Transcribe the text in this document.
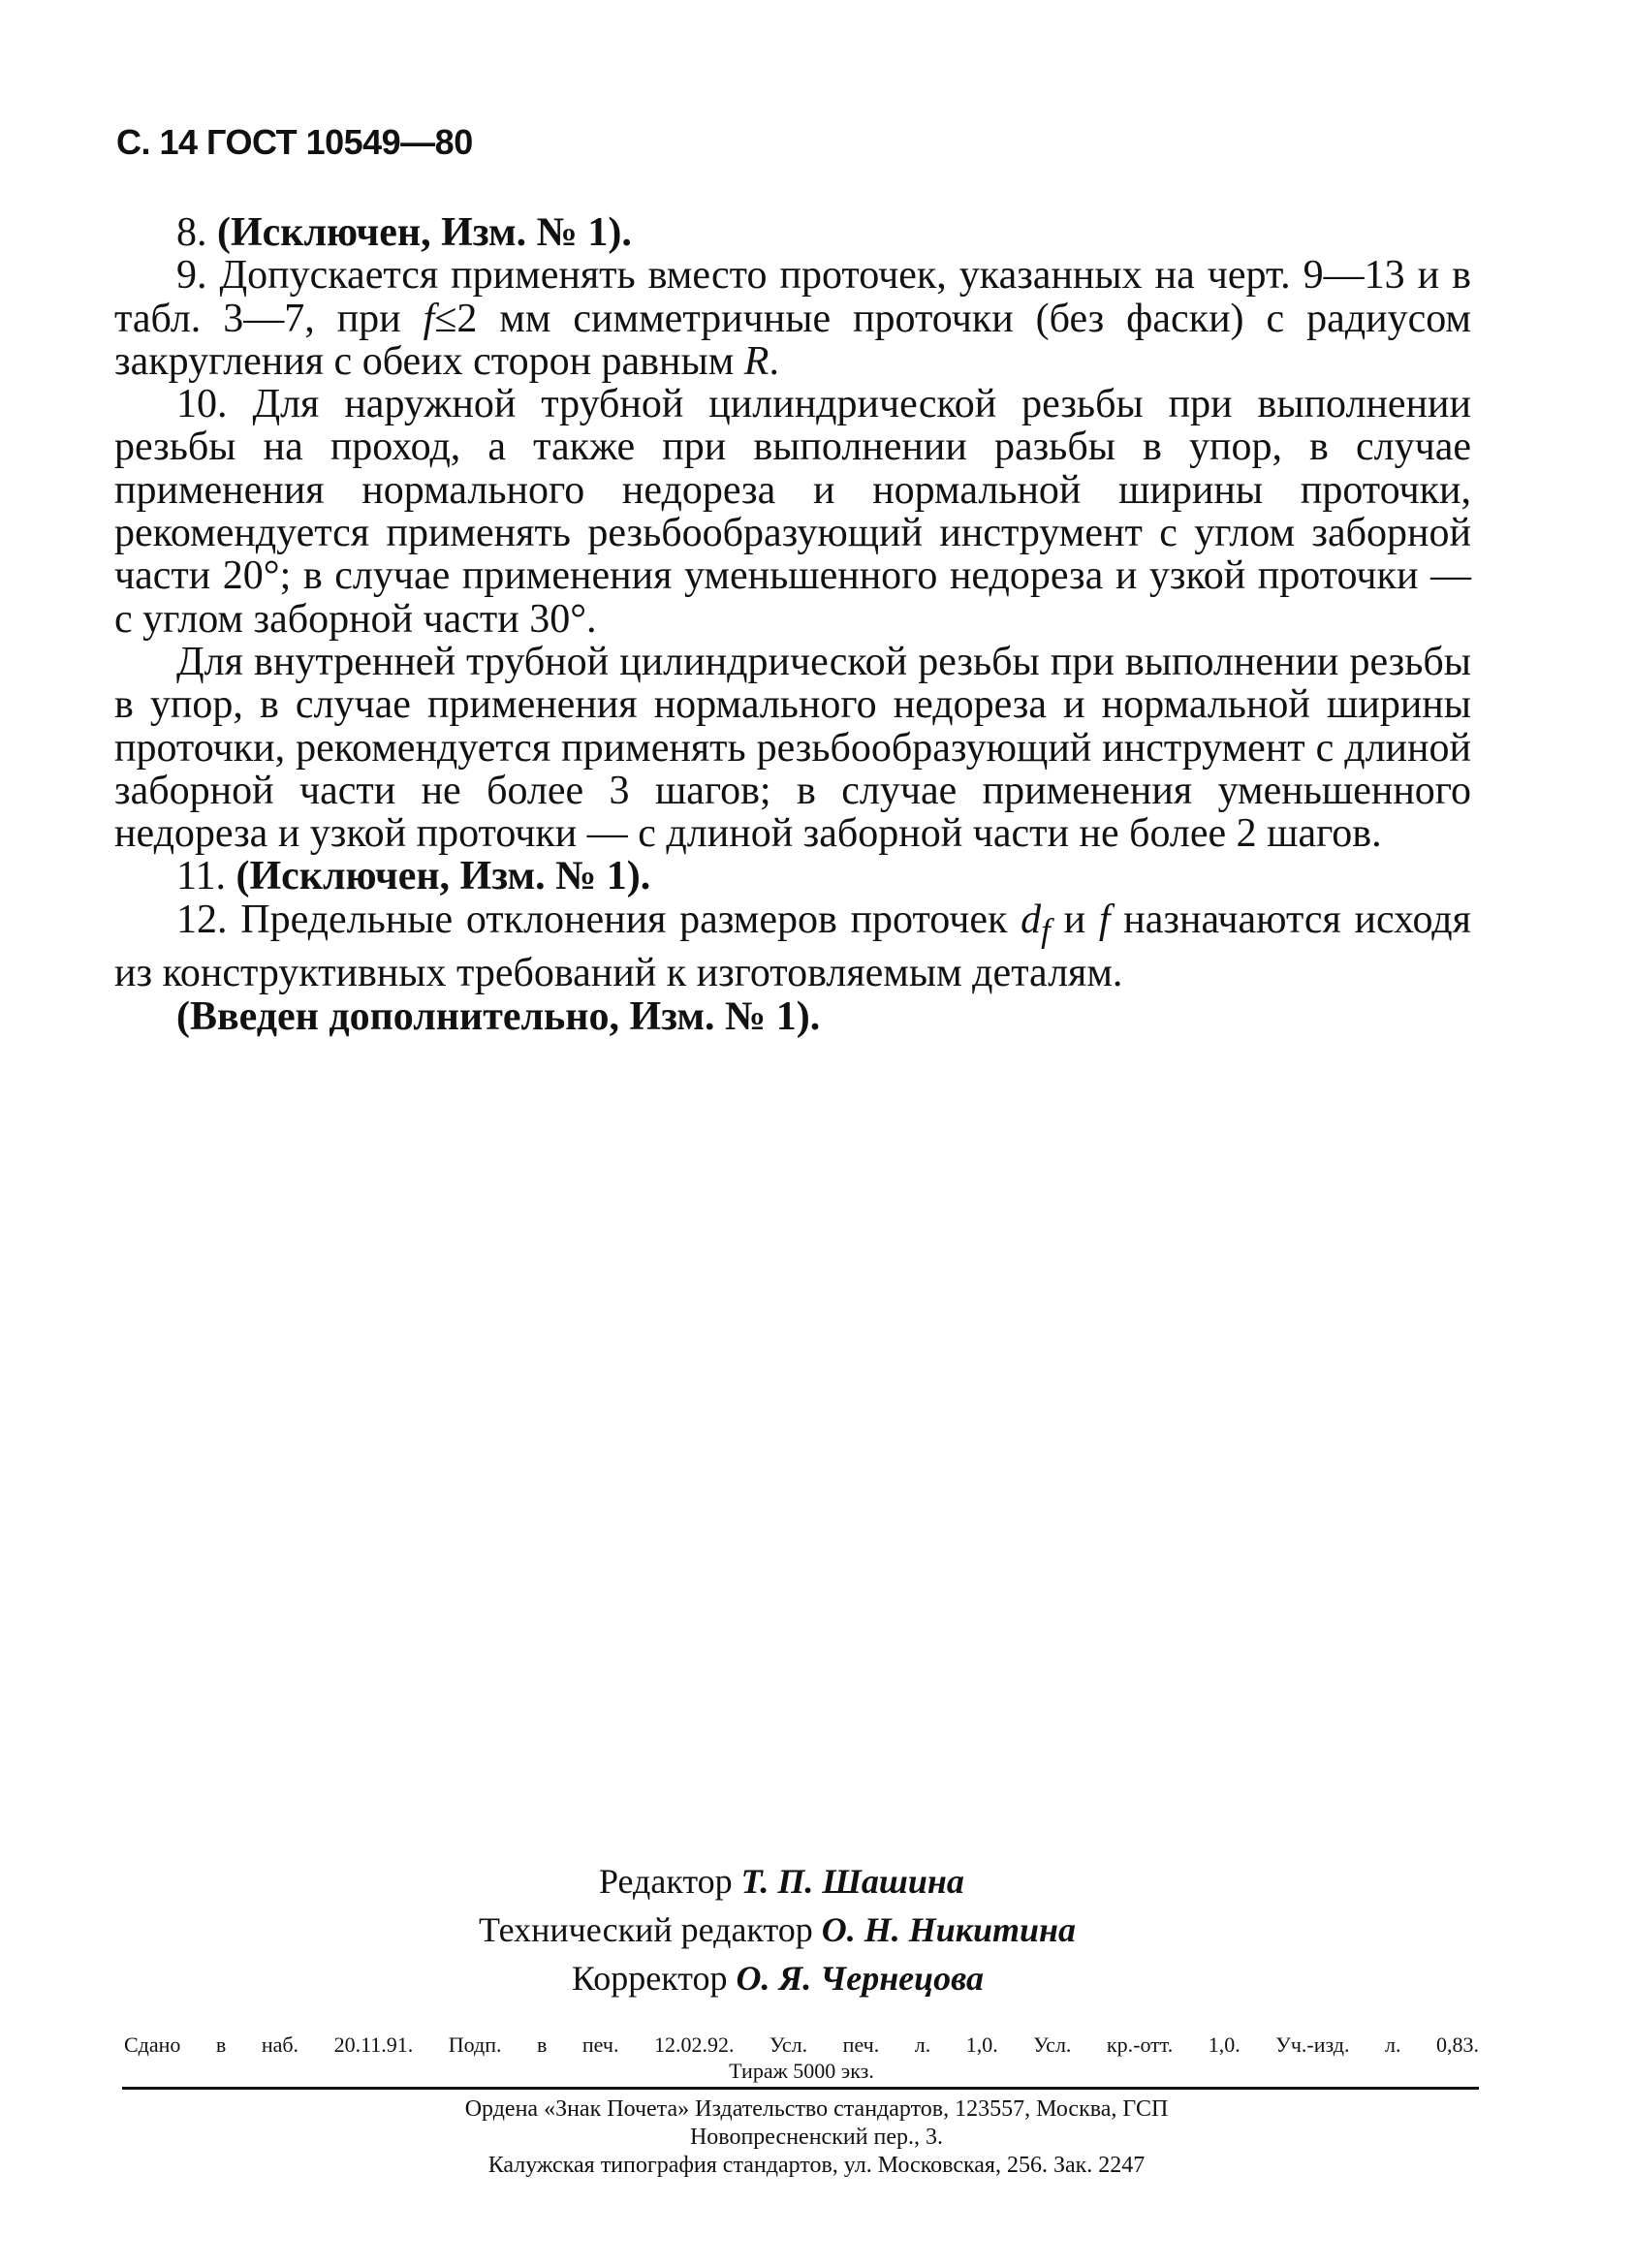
С. 14 ГОСТ 10549—80

8. (Исключен, Изм. № 1).

9. Допускается применять вместо проточек, указанных на черт. 9—13 и в табл. 3—7, при f≤2 мм симметричные проточки (без фаски) с радиусом закругления с обеих сторон равным R.

10. Для наружной трубной цилиндрической резьбы при выполнении резьбы на проход, а также при выполнении разьбы в упор, в случае применения нормального недореза и нормальной ширины проточки, рекомендуется применять резьбообразующий инструмент с углом заборной части 20°; в случае применения уменьшенного недореза и узкой проточки — с углом заборной части 30°.

Для внутренней трубной цилиндрической резьбы при выполнении резьбы в упор, в случае применения нормального недореза и нормальной ширины проточки, рекомендуется применять резьбообразующий инструмент с длиной заборной части не более 3 шагов; в случае применения уменьшенного недореза и узкой проточки — с длиной заборной части не более 2 шагов.

11. (Исключен, Изм. № 1).

12. Предельные отклонения размеров проточек $d_f$ и f назначаются исходя из конструктивных требований к изготовляемым деталям.

(Введен дополнительно, Изм. № 1).

Редактор Т. П. Шашина
Технический редактор О. Н. Никитина
Корректор О. Я. Чернецова
Сдано в наб. 20.11.91. Подп. в печ. 12.02.92. Усл. печ. л. 1,0. Усл. кр.-отт. 1,0. Уч.-изд. л. 0,83.
Тираж 5000 экз.
Ордена «Знак Почета» Издательство стандартов, 123557, Москва, ГСП
Новопресненский пер., 3.
Калужская типография стандартов, ул. Московская, 256. Зак. 2247
